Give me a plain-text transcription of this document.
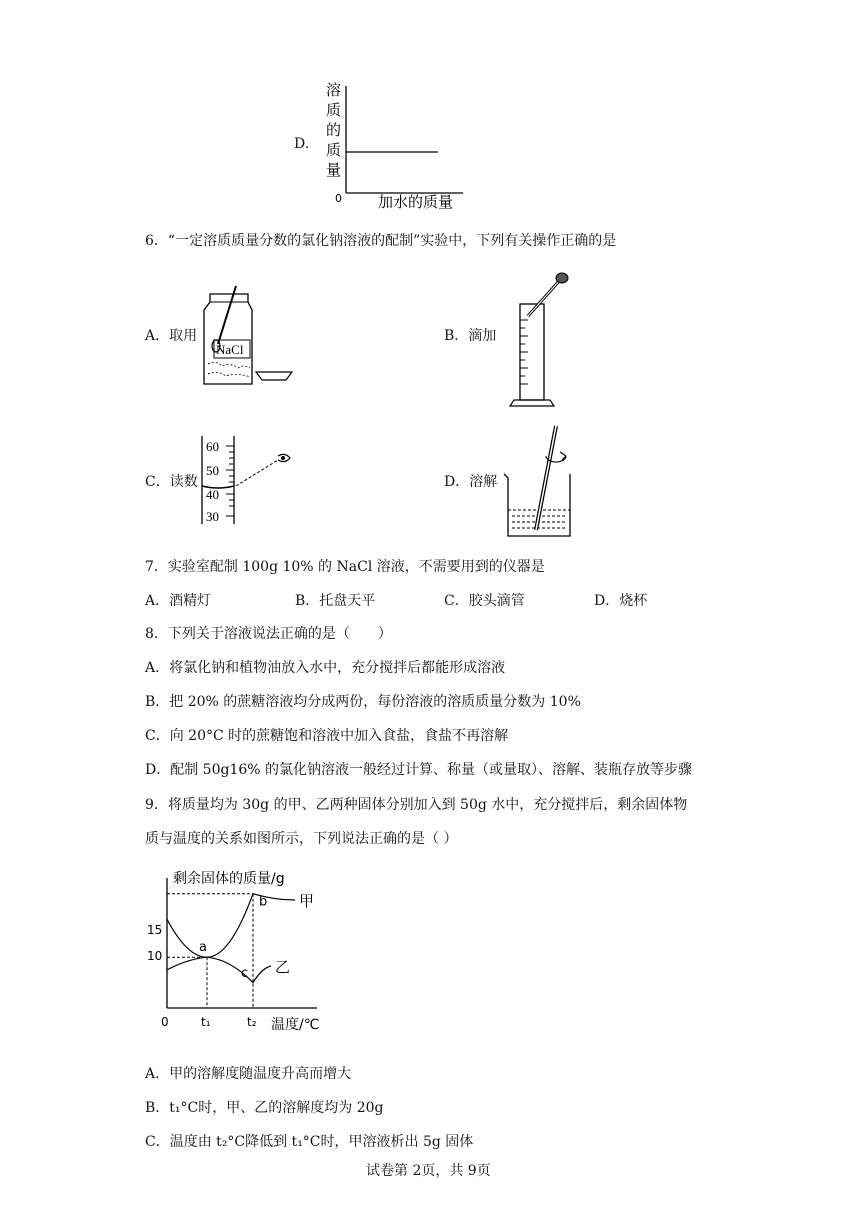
D.
溶
质
的
质
量
0 加水的质量
6．“一定溶质质量分数的氯化钠溶液的配制”实验中，下列有关操作正确的是
A．取用
NaCl
B．滴加
C．读数
60
50
40
30
D．溶解
7．实验室配制 100g 10% 的 NaCl 溶液，不需要用到的仪器是
A．酒精灯	B．托盘天平	C．胶头滴管	D．烧杯
8．下列关于溶液说法正确的是（　　）
A．将氯化钠和植物油放入水中，充分搅拌后都能形成溶液
B．把 20% 的蔗糖溶液均分成两份，每份溶液的溶质质量分数为 10%
C．向 20°C 时的蔗糖饱和溶液中加入食盐，食盐不再溶解
D．配制 50g16% 的氯化钠溶液一般经过计算、称量（或量取）、溶解、装瓶存放等步骤
9．将质量均为 30g 的甲、乙两种固体分别加入到 50g 水中，充分搅拌后，剩余固体物
质与温度的关系如图所示，下列说法正确的是（ ）
剩余固体的质量/g
温度/℃
15
10
0	t₁	t₂
甲
乙
a
b
c
A．甲的溶解度随温度升高而增大
B．t₁°C时，甲、乙的溶解度均为 20g
C．温度由 t₂°C降低到 t₁°C时，甲溶液析出 5g 固体
试卷第 2页，共 9页
